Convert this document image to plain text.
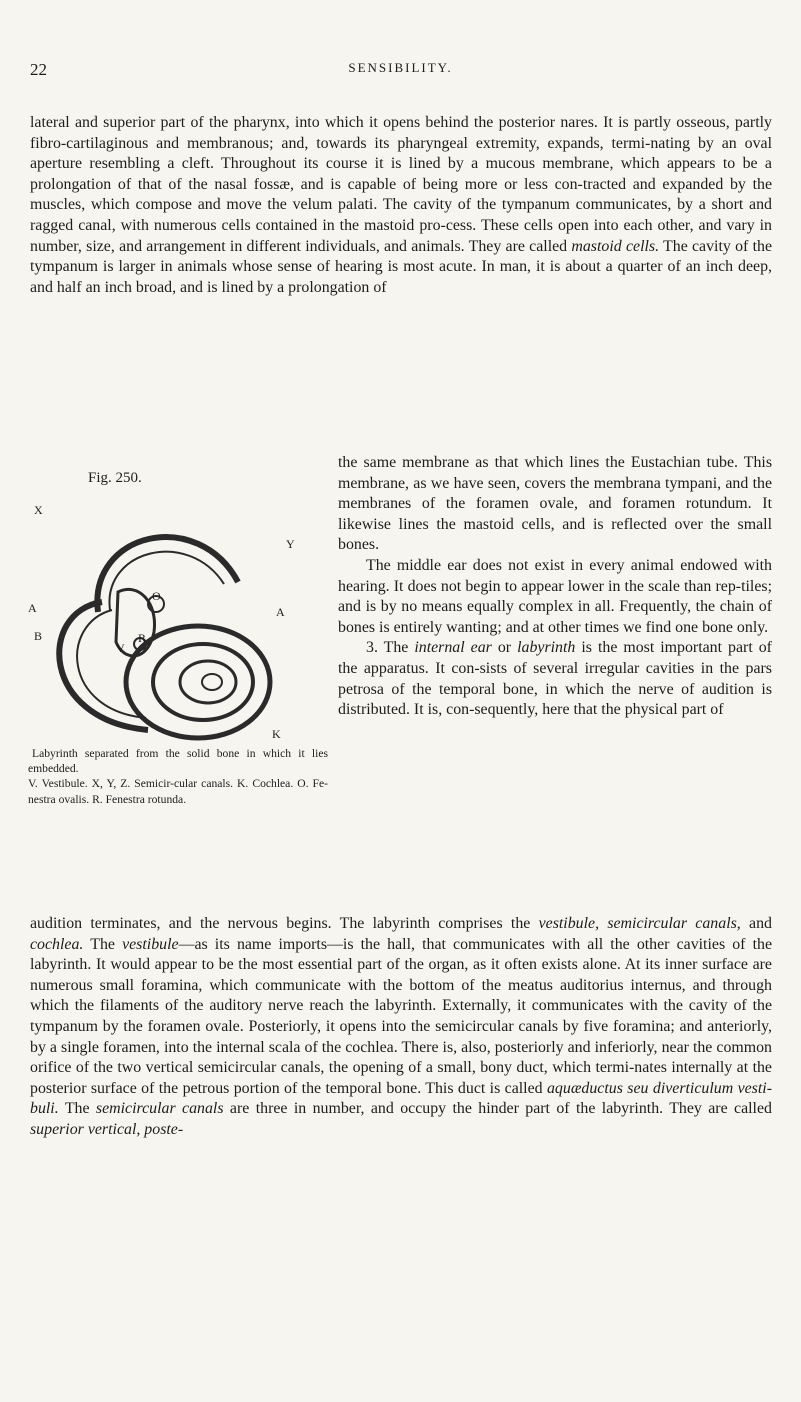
22	SENSIBILITY.

lateral and superior part of the pharynx, into which it opens behind the posterior nares. It is partly osseous, partly fibro-cartilaginous and membranous; and, towards its pharyngeal extremity, expands, termi-nating by an oval aperture resembling a cleft. Throughout its course it is lined by a mucous membrane, which appears to be a prolongation of that of the nasal fossæ, and is capable of being more or less con-tracted and expanded by the muscles, which compose and move the velum palati. The cavity of the tympanum communicates, by a short and ragged canal, with numerous cells contained in the mastoid pro-cess. These cells open into each other, and vary in number, size, and arrangement in different individuals, and animals. They are called mastoid cells. The cavity of the tympanum is larger in animals whose sense of hearing is most acute. In man, it is about a quarter of an inch deep, and half an inch broad, and is lined by a prolongation of

Fig. 250.
X
Y
A	A
B
V
O
R
K

Labyrinth separated from the solid bone in which it lies embedded.

V. Vestibule. X, Y, Z. Semicir-cular canals. K. Cochlea. O. Fe-nestra ovalis. R. Fenestra rotunda.

the same membrane as that which lines the Eustachian tube. This membrane, as we have seen, covers the membrana tympani, and the membranes of the foramen ovale, and foramen rotundum. It likewise lines the mastoid cells, and is reflected over the small bones.

The middle ear does not exist in every animal endowed with hearing. It does not begin to appear lower in the scale than rep-tiles; and is by no means equally complex in all. Frequently, the chain of bones is entirely wanting; and at other times we find one bone only.

3. The internal ear or labyrinth is the most important part of the apparatus. It con-sists of several irregular cavities in the pars petrosa of the temporal bone, in which the nerve of audition is distributed. It is, con-sequently, here that the physical part of

audition terminates, and the nervous begins. The labyrinth comprises the vestibule, semicircular canals, and cochlea. The vestibule—as its name imports—is the hall, that communicates with all the other cavities of the labyrinth. It would appear to be the most essential part of the organ, as it often exists alone. At its inner surface are numerous small foramina, which communicate with the bottom of the meatus auditorius internus, and through which the filaments of the auditory nerve reach the labyrinth. Externally, it communicates with the cavity of the tympanum by the foramen ovale. Posteriorly, it opens into the semicircular canals by five foramina; and anteriorly, by a single foramen, into the internal scala of the cochlea. There is, also, posteriorly and inferiorly, near the common orifice of the two vertical semicircular canals, the opening of a small, bony duct, which termi-nates internally at the posterior surface of the petrous portion of the temporal bone. This duct is called aquæductus seu diverticulum vesti-buli. The semicircular canals are three in number, and occupy the hinder part of the labyrinth. They are called superior vertical, poste-
